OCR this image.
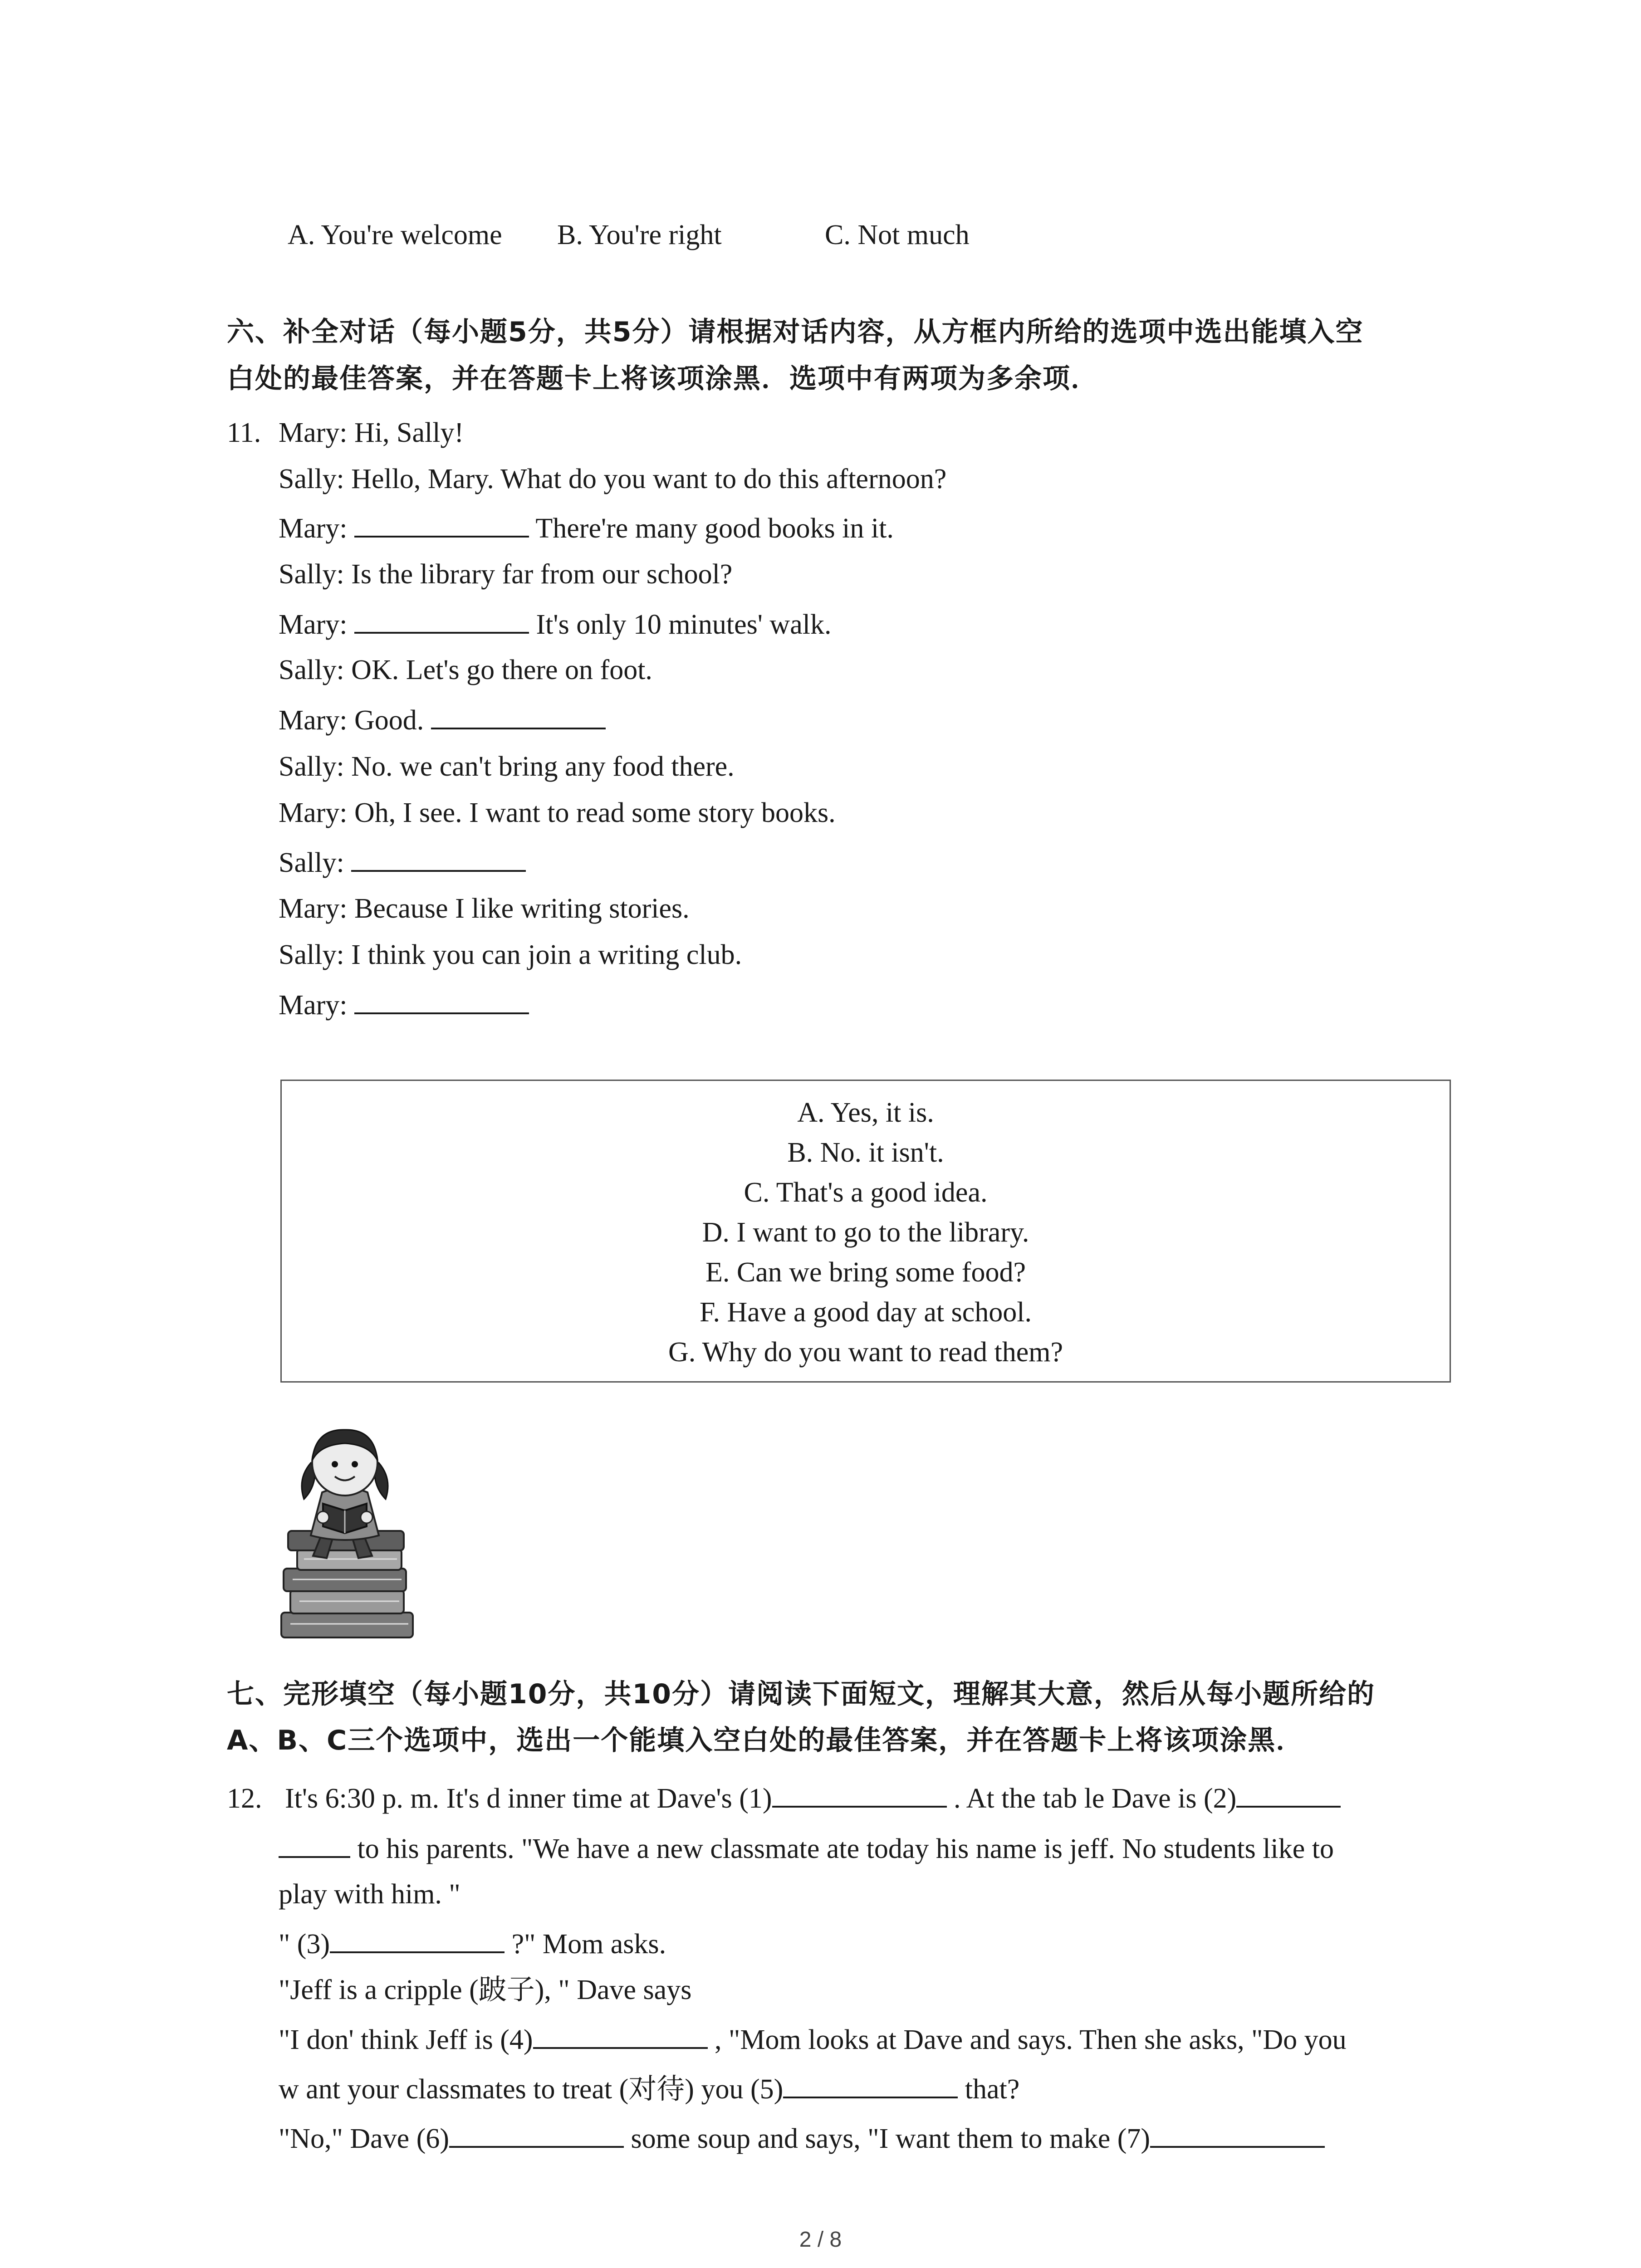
A. You're welcome B. You're right	C. Not much
六、补全对话（每小题5分，共5分）请根据对话内容，从方框内所给的选项中选出能填入空
白处的最佳答案，并在答题卡上将该项涂黑．选项中有两项为多余项．
11. Mary: Hi, Sally!
Sally: Hello, Mary. What do you want to do this afternoon?
Mary:	There're many good books in it.
Sally: Is the library far from our school?
Mary:	It's only 10 minutes' walk.
Sally: OK. Let's go there on foot.
Mary: Good.
Sally: No. we can't bring any food there.
Mary: Oh, I see. I want to read some story books.
Sally:
Mary: Because I like writing stories.
Sally: I think you can join a writing club.
Mary:
A. Yes, it is.
B. No. it isn't.
C. That's a good idea.
D. I want to go to the library.
E. Can we bring some food?
F. Have a good day at school.
G. Why do you want to read them?
七、完形填空（每小题10分，共10分）请阅读下面短文，理解其大意，然后从每小题所给的
A、B、C三个选项中，选出一个能填入空白处的最佳答案，并在答题卡上将该项涂黑．
12. It's 6:30 p. m. It's d inner time at Dave's (1)	. At the tab le Dave is (2)
to his parents. "We have a new classmate ate today his name is jeff. No students like to
play with him. "
" (3)	?" Mom asks.
"Jeff is a cripple (跛子), " Dave says
"I don' think Jeff is (4)	, "Mom looks at Dave and says. Then she asks, "Do you
w ant your classmates to treat (对待) you (5)	that?
"No," Dave (6)	some soup and says, "I want them to make (7)
2 / 8
